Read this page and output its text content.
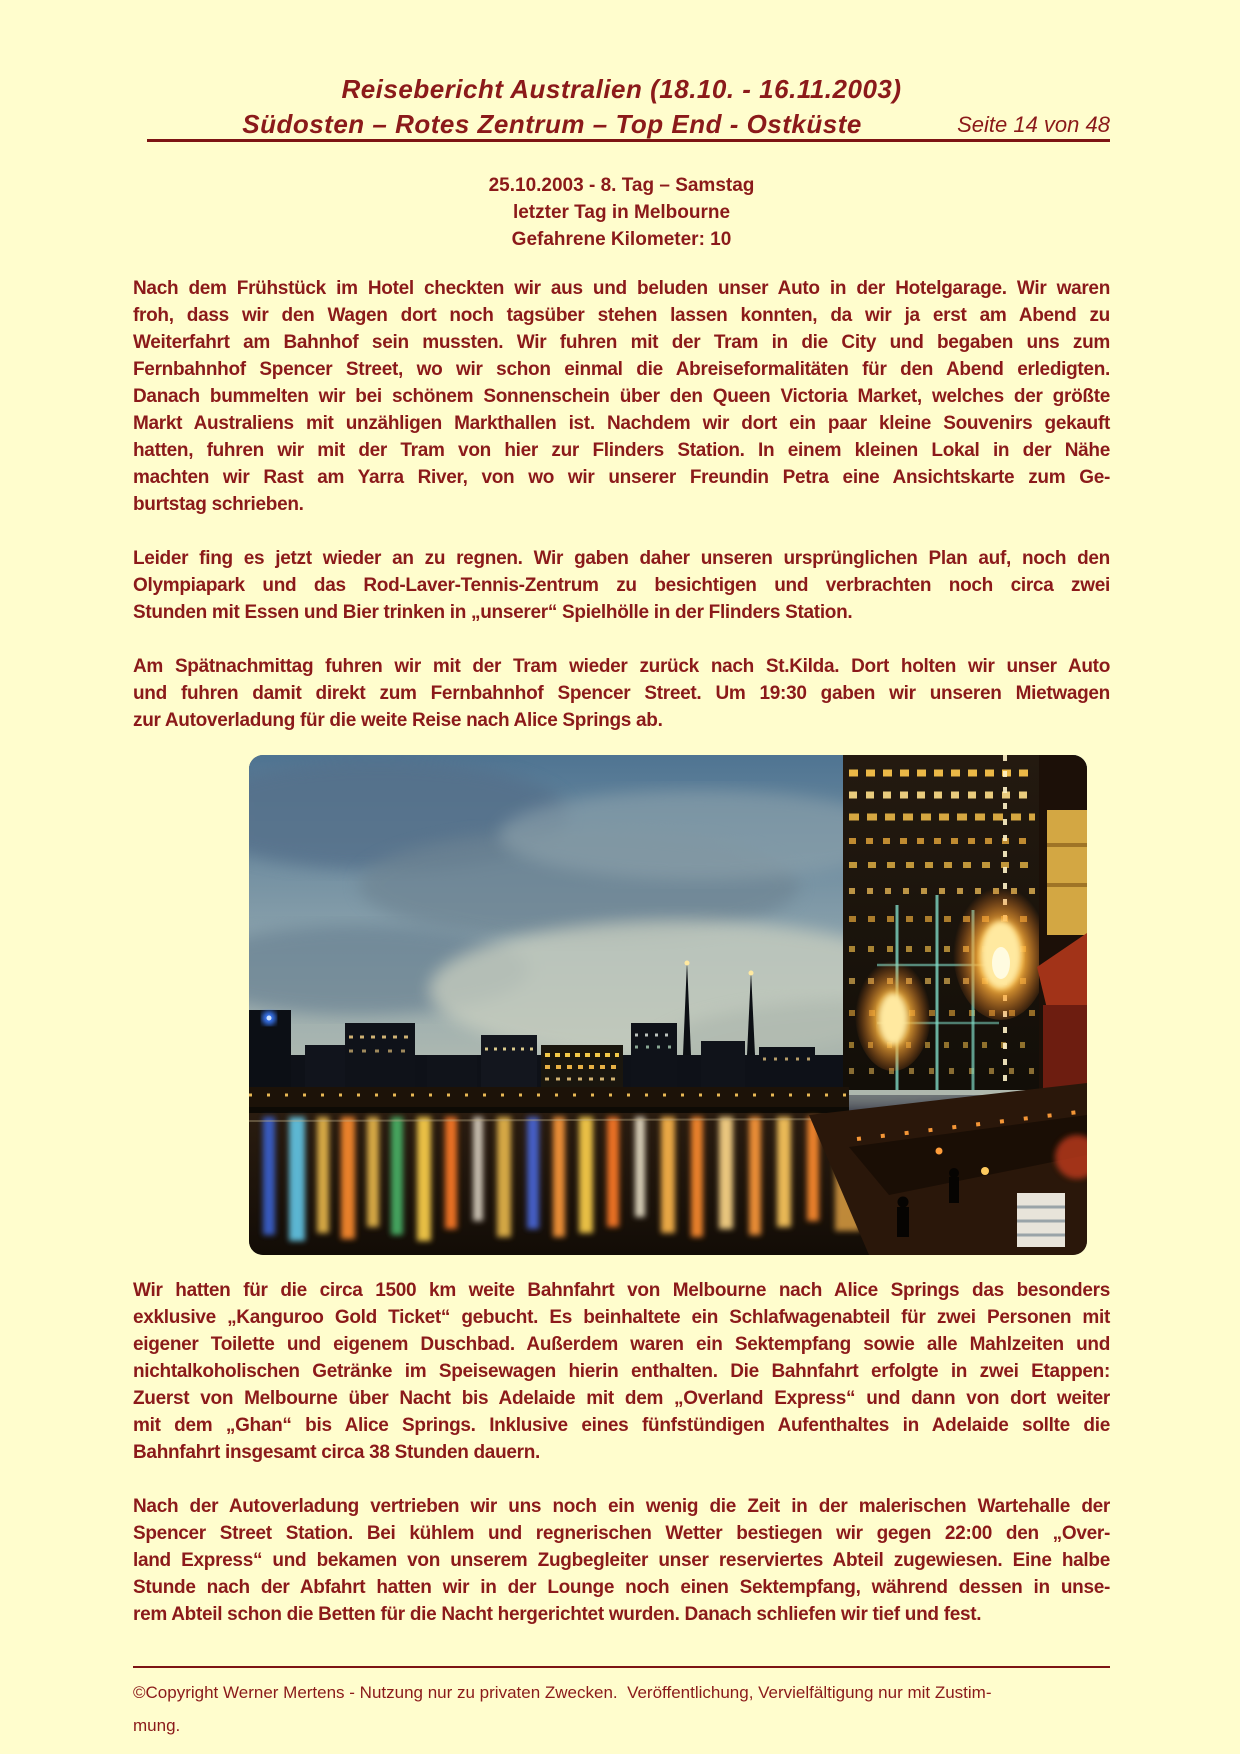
Reisebericht Australien (18.10. - 16.11.2003)
Südosten – Rotes Zentrum – Top End - Ostküste	Seite 14 von 48
25.10.2003 - 8. Tag – Samstag
letzter Tag in Melbourne
Gefahrene Kilometer: 10
Nach dem Frühstück im Hotel checkten wir aus und beluden unser Auto in der Hotelgarage. Wir waren
froh, dass wir den Wagen dort noch tagsüber stehen lassen konnten, da wir ja erst am Abend zu
Weiterfahrt am Bahnhof sein mussten. Wir fuhren mit der Tram in die City und begaben uns zum
Fernbahnhof Spencer Street, wo wir schon einmal die Abreiseformalitäten für den Abend erledigten.
Danach bummelten wir bei schönem Sonnenschein über den Queen Victoria Market, welches der größte
Markt Australiens mit unzähligen Markthallen ist. Nachdem wir dort ein paar kleine Souvenirs gekauft
hatten, fuhren wir mit der Tram von hier zur Flinders Station. In einem kleinen Lokal in der Nähe
machten wir Rast am Yarra River, von wo wir unserer Freundin Petra eine Ansichtskarte zum Ge-
burtstag schrieben.
Leider fing es jetzt wieder an zu regnen. Wir gaben daher unseren ursprünglichen Plan auf, noch den
Olympiapark und das Rod-Laver-Tennis-Zentrum zu besichtigen und verbrachten noch circa zwei
Stunden mit Essen und Bier trinken in „unserer“ Spielhölle in der Flinders Station.
Am Spätnachmittag fuhren wir mit der Tram wieder zurück nach St.Kilda. Dort holten wir unser Auto
und fuhren damit direkt zum Fernbahnhof Spencer Street. Um 19:30 gaben wir unseren Mietwagen
zur Autoverladung für die weite Reise nach Alice Springs ab.
Wir hatten für die circa 1500 km weite Bahnfahrt von Melbourne nach Alice Springs das besonders
exklusive „Kanguroo Gold Ticket“ gebucht. Es beinhaltete ein Schlafwagenabteil für zwei Personen mit
eigener Toilette und eigenem Duschbad. Außerdem waren ein Sektempfang sowie alle Mahlzeiten und
nichtalkoholischen Getränke im Speisewagen hierin enthalten. Die Bahnfahrt erfolgte in zwei Etappen:
Zuerst von Melbourne über Nacht bis Adelaide mit dem „Overland Express“ und dann von dort weiter
mit dem „Ghan“ bis Alice Springs. Inklusive eines fünfstündigen Aufenthaltes in Adelaide sollte die
Bahnfahrt insgesamt circa 38 Stunden dauern.
Nach der Autoverladung vertrieben wir uns noch ein wenig die Zeit in der malerischen Wartehalle der
Spencer Street Station. Bei kühlem und regnerischen Wetter bestiegen wir gegen 22:00 den „Over-
land Express“ und bekamen von unserem Zugbegleiter unser reserviertes Abteil zugewiesen. Eine halbe
Stunde nach der Abfahrt hatten wir in der Lounge noch einen Sektempfang, während dessen in unse-
rem Abteil schon die Betten für die Nacht hergerichtet wurden. Danach schliefen wir tief und fest.
©Copyright Werner Mertens - Nutzung nur zu privaten Zwecken.  Veröffentlichung, Vervielfältigung nur mit Zustim-
mung.
